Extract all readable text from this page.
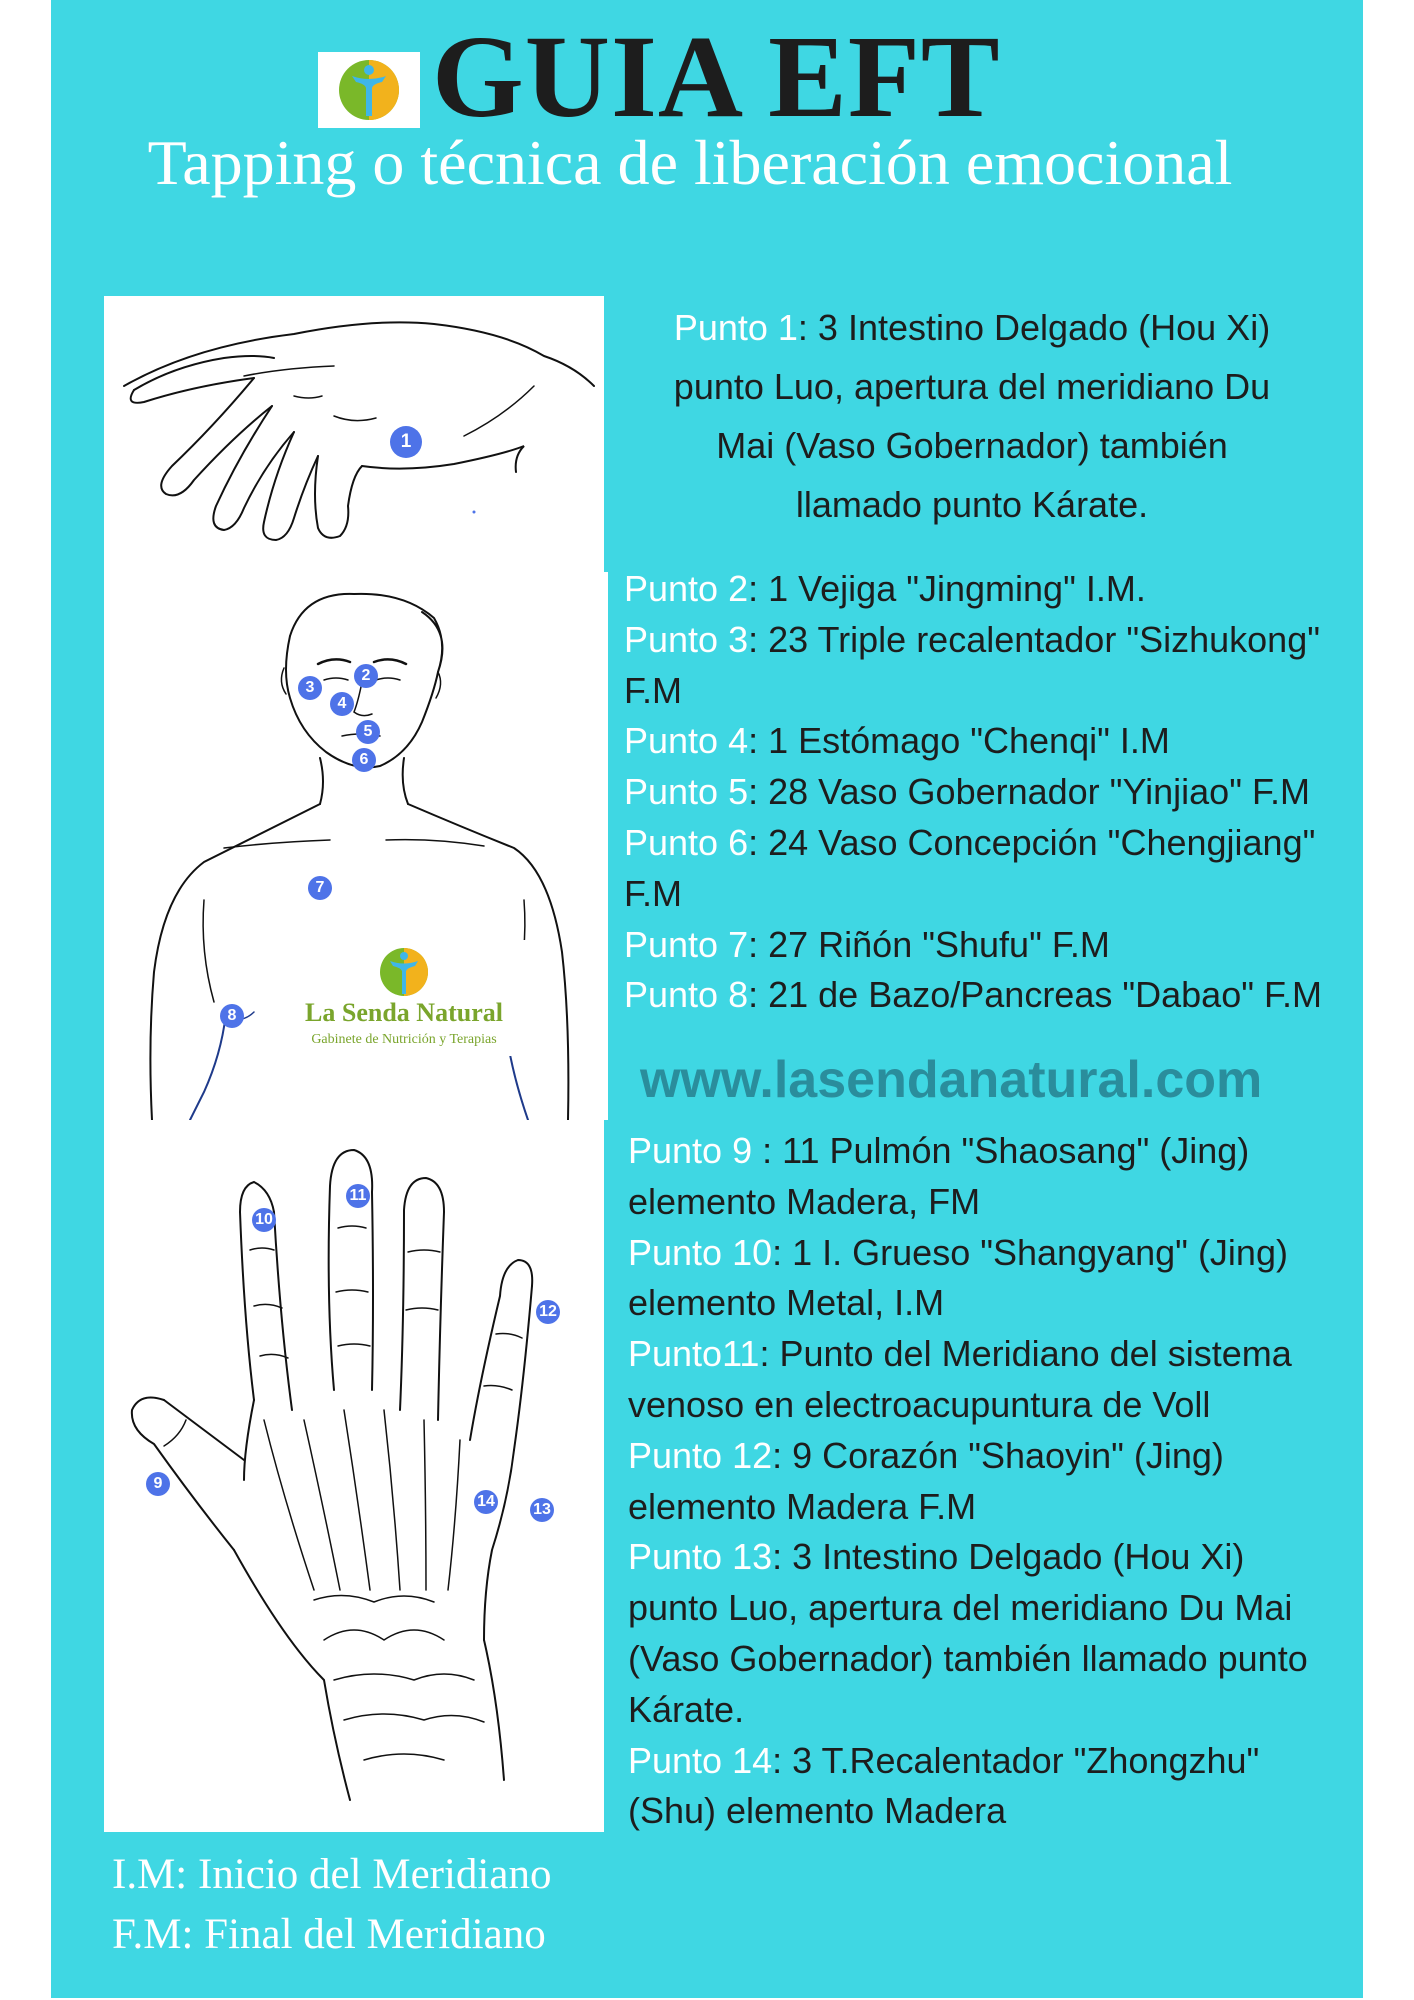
GUIA EFT
Tapping o técnica de liberación emocional
1
La Senda Natural
Gabinete de Nutrición y Terapias
2
3
4
5
6
7
8
Punto 1: 3 Intestino Delgado (Hou Xi)
punto Luo, apertura del meridiano Du
Mai (Vaso Gobernador) también
llamado punto Kárate.
Punto 2: 1 Vejiga "Jingming" I.M.
Punto 3: 23 Triple recalentador "Sizhukong"
F.M
Punto 4: 1 Estómago "Chenqi" I.M
Punto 5: 28 Vaso Gobernador "Yinjiao" F.M
Punto 6: 24 Vaso Concepción "Chengjiang"
F.M
Punto 7: 27 Riñón "Shufu" F.M
Punto 8: 21 de Bazo/Pancreas "Dabao" F.M
www.lasendanatural.com
9
10
11
12
13
14
Punto 9 : 11 Pulmón "Shaosang" (Jing)
elemento Madera, FM
Punto 10: 1 I. Grueso "Shangyang" (Jing)
elemento Metal, I.M
Punto11: Punto del Meridiano del sistema
venoso en electroacupuntura de Voll
Punto 12: 9 Corazón "Shaoyin" (Jing)
elemento Madera F.M
Punto 13: 3 Intestino Delgado (Hou Xi)
punto Luo, apertura del meridiano Du Mai
(Vaso Gobernador) también llamado punto
Kárate.
Punto 14: 3 T.Recalentador "Zhongzhu"
(Shu) elemento Madera
I.M: Inicio del Meridiano
F.M: Final del Meridiano
